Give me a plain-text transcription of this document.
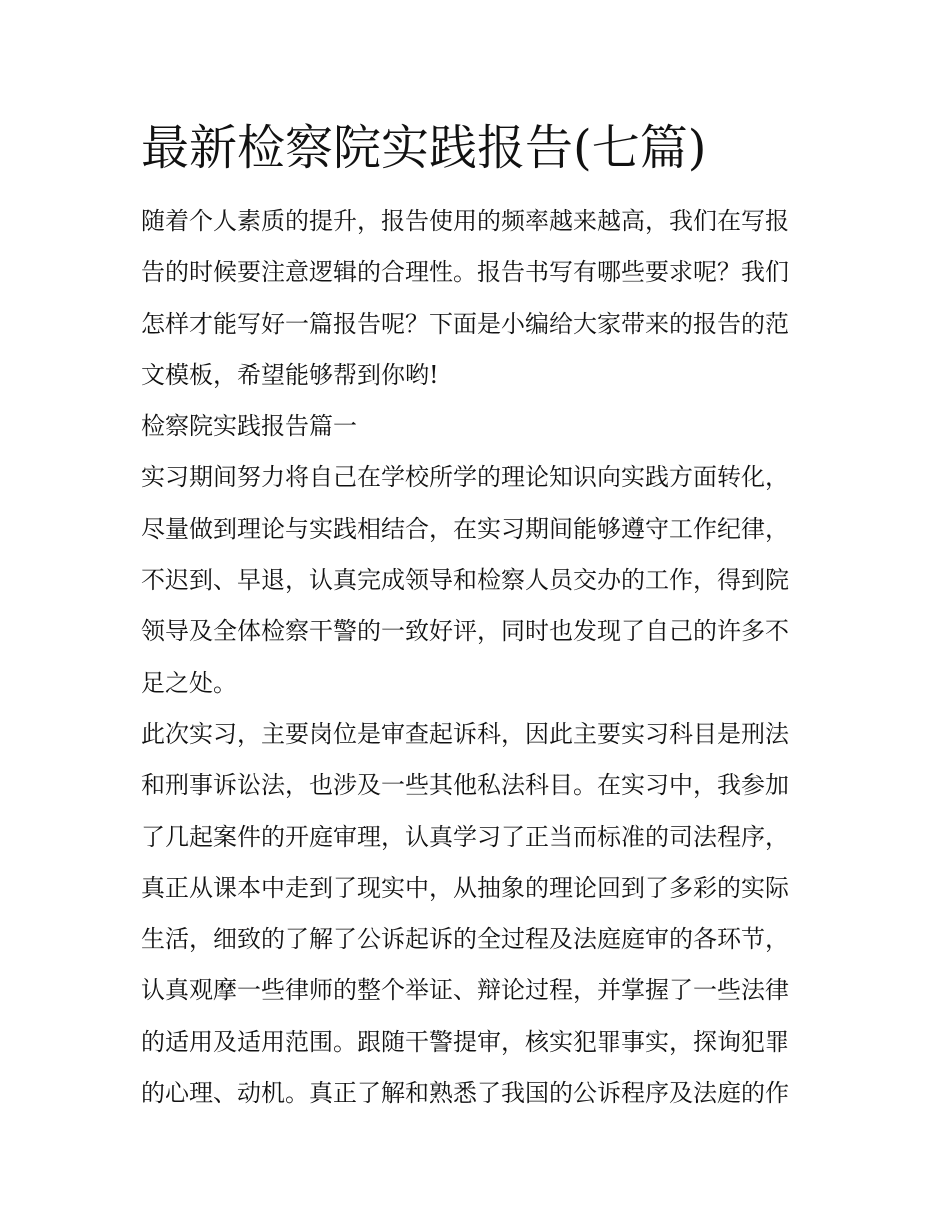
最新检察院实践报告(七篇)
随着个人素质的提升，报告使用的频率越来越高，我们在写报
告的时候要注意逻辑的合理性。报告书写有哪些要求呢？我们
怎样才能写好一篇报告呢？下面是小编给大家带来的报告的范
文模板，希望能够帮到你哟!
检察院实践报告篇一
实习期间努力将自己在学校所学的理论知识向实践方面转化，
尽量做到理论与实践相结合，在实习期间能够遵守工作纪律，
不迟到、早退，认真完成领导和检察人员交办的工作，得到院
领导及全体检察干警的一致好评，同时也发现了自己的许多不
足之处。
此次实习，主要岗位是审查起诉科，因此主要实习科目是刑法
和刑事诉讼法，也涉及一些其他私法科目。在实习中，我参加
了几起案件的开庭审理，认真学习了正当而标准的司法程序，
真正从课本中走到了现实中，从抽象的理论回到了多彩的实际
生活，细致的了解了公诉起诉的全过程及法庭庭审的各环节，
认真观摩一些律师的整个举证、辩论过程，并掌握了一些法律
的适用及适用范围。跟随干警提审，核实犯罪事实，探询犯罪
的心理、动机。真正了解和熟悉了我国的公诉程序及法庭的作
